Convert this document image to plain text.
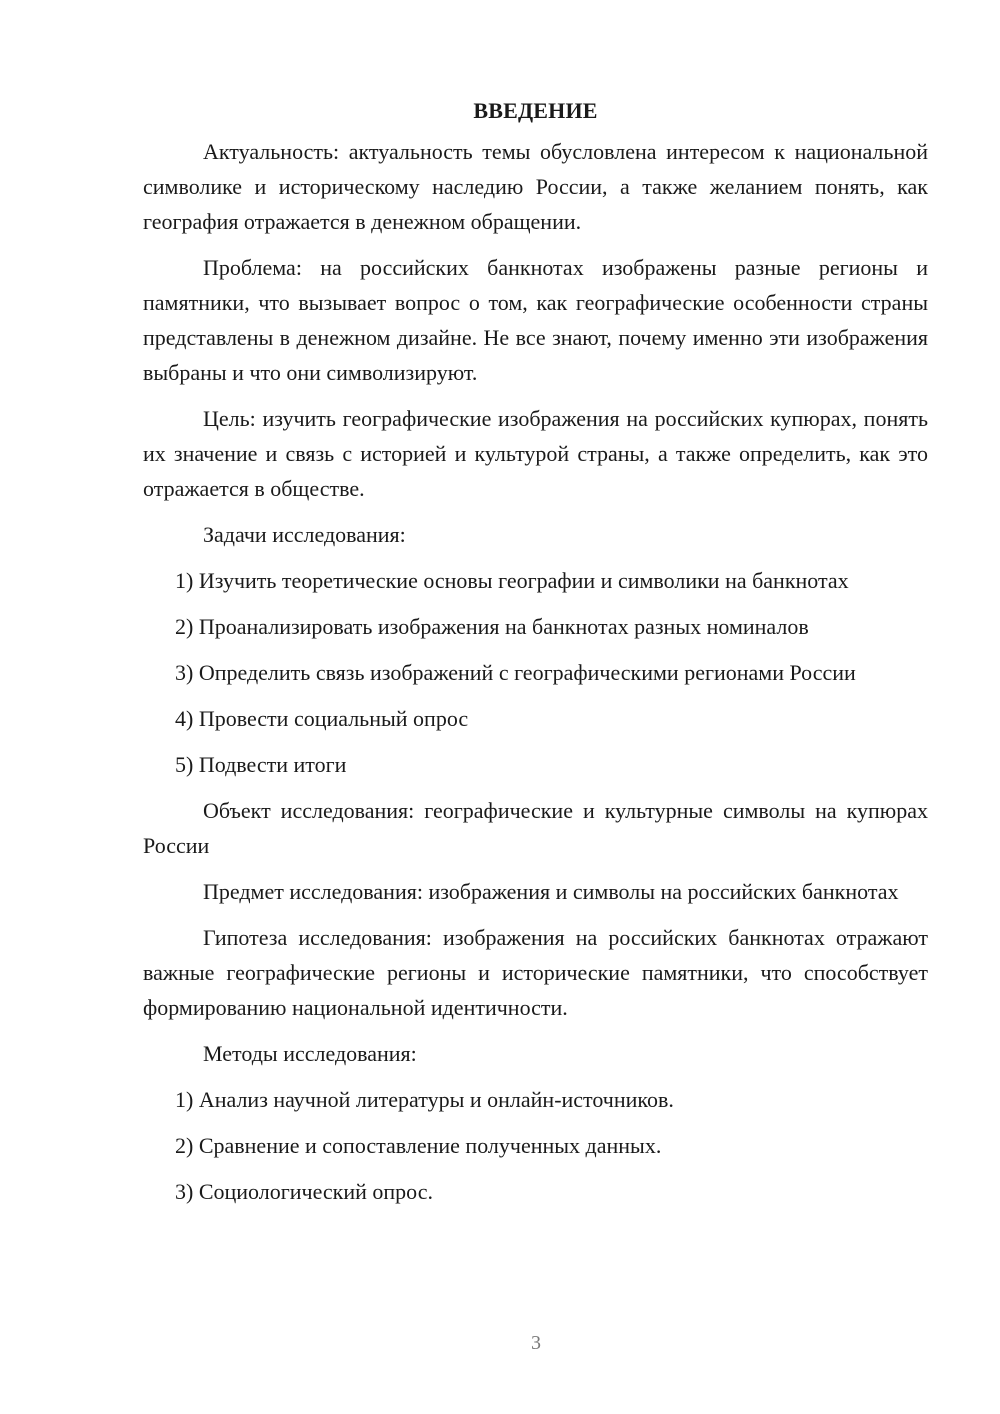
ВВЕДЕНИЕ

Актуальность: актуальность темы обусловлена интересом к национальной символике и историческому наследию России, а также желанием понять, как география отражается в денежном обращении.

Проблема: на российских банкнотах изображены разные регионы и памятники, что вызывает вопрос о том, как географические особенности страны представлены в денежном дизайне. Не все знают, почему именно эти изображения выбраны и что они символизируют.

Цель: изучить географические изображения на российских купюрах, понять их значение и связь с историей и культурой страны, а также определить, как это отражается в обществе.

Задачи исследования:

1) Изучить теоретические основы географии и символики на банкнотах

2) Проанализировать изображения на банкнотах разных номиналов

3) Определить связь изображений с географическими регионами России

4) Провести социальный опрос

5) Подвести итоги

Объект исследования: географические и культурные символы на купюрах России

Предмет исследования: изображения и символы на российских банкнотах

Гипотеза исследования: изображения на российских банкнотах отражают важные географические регионы и исторические памятники, что способствует формированию национальной идентичности.

Методы исследования:

1) Анализ научной литературы и онлайн-источников.

2) Сравнение и сопоставление полученных данных.

3) Социологический опрос.

3
